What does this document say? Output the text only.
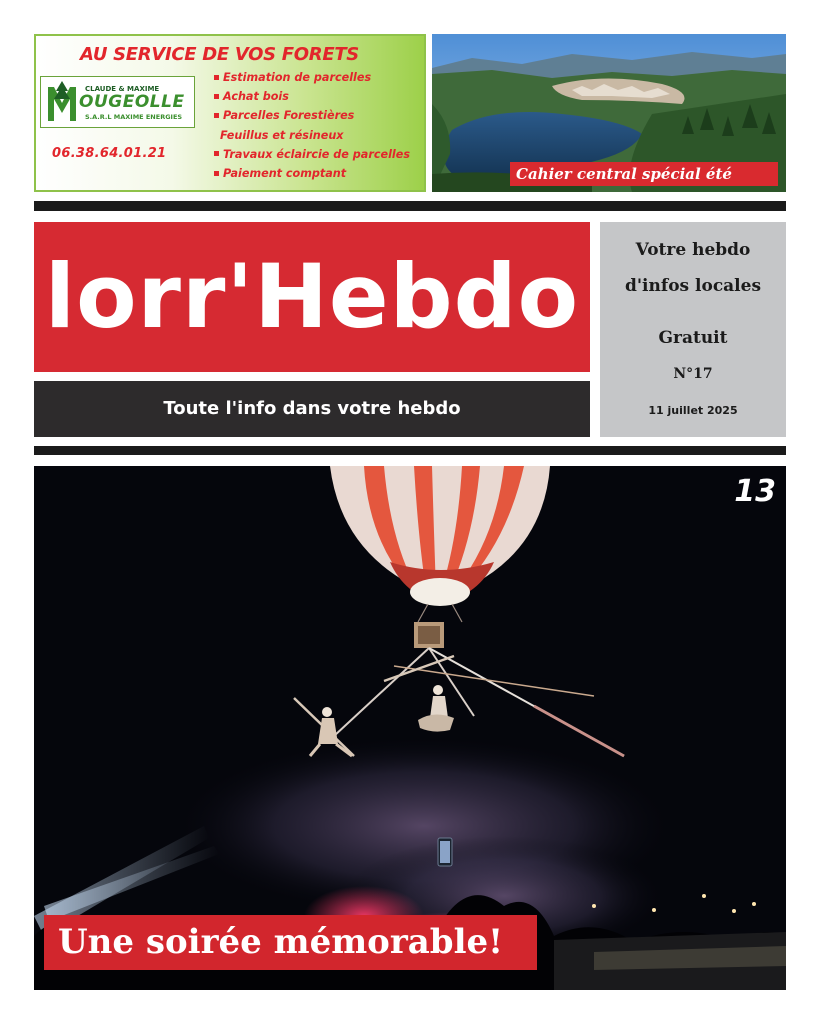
AU SERVICE DE VOS FORETS
CLAUDE & MAXIME
OUGEOLLE
S.A.R.L MAXIME ENERGIES
06.38.64.01.21
Estimation de parcelles
Achat bois
Parcelles Forestières
Feuillus et résineux
Travaux éclaircie de parcelles
Paiement comptant	Cahier central spécial été
lorr'Hebdo
Toute l'info dans votre hebdo
Votre hebdo
d'infos locales
Gratuit
N°17
11 juillet 2025
13
Une soirée mémorable!
